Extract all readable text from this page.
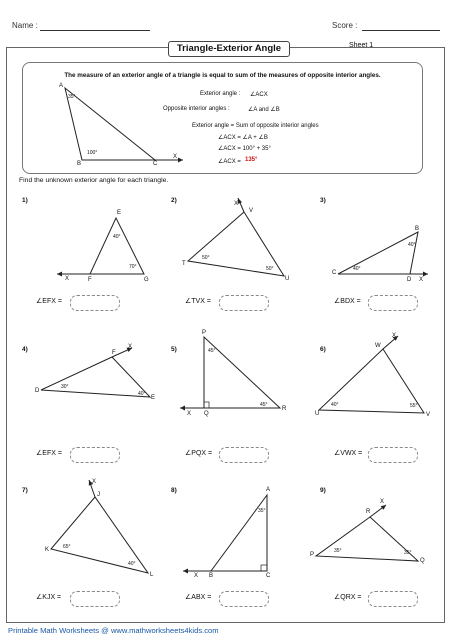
Name :	Score :
Triangle-Exterior Angle	Sheet 1
The measure of an exterior angle of a triangle is equal to sum of the measures of opposite interior angles.
A
B	C
X
35°
100°
Exterior angle : ∠ACX
Opposite interior angles :	∠A and ∠B
Exterior angle = Sum of opposite interior angles
∠ACX = ∠A + ∠B
∠ACX = 100° + 35°
∠ACX = 135°
Find the unknown exterior angle for each triangle.
1)
E
F	G
X
40°
70°
∠EFX =
2)
V
T
U
X
50°
50°
∠TVX =
3)
B
C
D X
40°
40°
∠BDX =
4)	F
D
E
X
30°
40°
∠EFX =
5)
P
Q
R
X
45°
45°
∠PQX =
6)	W
U	V
X
40°	55°
∠VWX =
7)
J
K
L
X
65°
40°
∠KJX =
8)	A
B	C
X
35°
∠ABX =
9)
R
P
Q
X
35°	35°
∠QRX =
Printable Math Worksheets @ www.mathworksheets4kids.com
